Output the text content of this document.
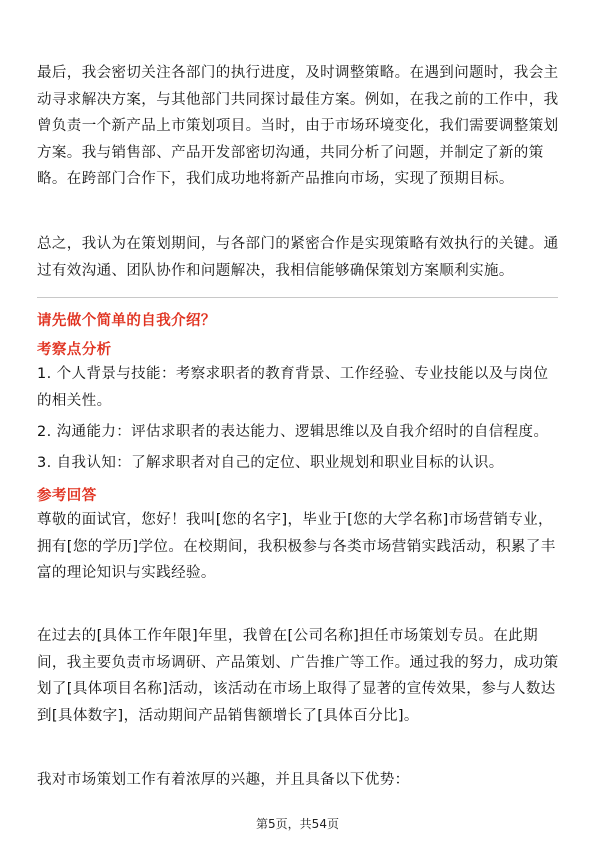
最后，我会密切关注各部门的执行进度，及时调整策略。在遇到问题时，我会主动寻求解决方案，与其他部门共同探讨最佳方案。例如，在我之前的工作中，我曾负责一个新产品上市策划项目。当时，由于市场环境变化，我们需要调整策划方案。我与销售部、产品开发部密切沟通，共同分析了问题，并制定了新的策略。在跨部门合作下，我们成功地将新产品推向市场，实现了预期目标。

总之，我认为在策划期间，与各部门的紧密合作是实现策略有效执行的关键。通过有效沟通、团队协作和问题解决，我相信能够确保策划方案顺利实施。

请先做个简单的自我介绍？

考察点分析

1. 个人背景与技能：考察求职者的教育背景、工作经验、专业技能以及与岗位的相关性。

2. 沟通能力：评估求职者的表达能力、逻辑思维以及自我介绍时的自信程度。

3. 自我认知：了解求职者对自己的定位、职业规划和职业目标的认识。

参考回答

尊敬的面试官，您好！我叫[您的名字]，毕业于[您的大学名称]市场营销专业，拥有[您的学历]学位。在校期间，我积极参与各类市场营销实践活动，积累了丰富的理论知识与实践经验。

在过去的[具体工作年限]年里，我曾在[公司名称]担任市场策划专员。在此期间，我主要负责市场调研、产品策划、广告推广等工作。通过我的努力，成功策划了[具体项目名称]活动，该活动在市场上取得了显著的宣传效果，参与人数达到[具体数字]，活动期间产品销售额增长了[具体百分比]。

我对市场策划工作有着浓厚的兴趣，并且具备以下优势：

第5页，共54页
